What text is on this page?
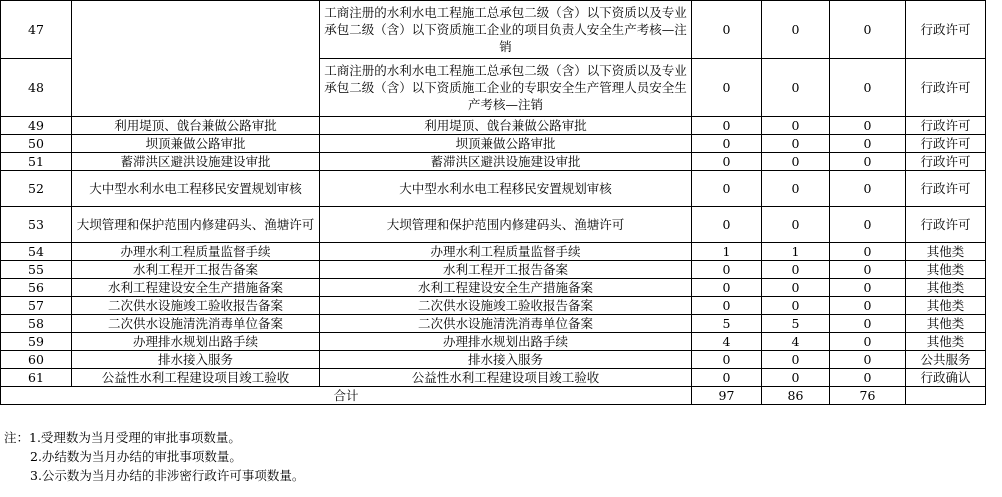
47		工商注册的水利水电工程施工总承包二级（含）以下资质以及专业承包二级（含）以下资质施工企业的项目负责人安全生产考核—注销	0	0	0	行政许可
48		工商注册的水利水电工程施工总承包二级（含）以下资质以及专业承包二级（含）以下资质施工企业的专职安全生产管理人员安全生产考核—注销	0	0	0	行政许可
49	利用堤顶、戗台兼做公路审批	利用堤顶、戗台兼做公路审批	0	0	0	行政许可
50	坝顶兼做公路审批	坝顶兼做公路审批	0	0	0	行政许可
51	蓄滞洪区避洪设施建设审批	蓄滞洪区避洪设施建设审批	0	0	0	行政许可
52	大中型水利水电工程移民安置规划审核	大中型水利水电工程移民安置规划审核	0	0	0	行政许可
53	大坝管理和保护范围内修建码头、渔塘许可	大坝管理和保护范围内修建码头、渔塘许可	0	0	0	行政许可
54	办理水利工程质量监督手续	办理水利工程质量监督手续	1	1	0	其他类
55	水利工程开工报告备案	水利工程开工报告备案	0	0	0	其他类
56	水利工程建设安全生产措施备案	水利工程建设安全生产措施备案	0	0	0	其他类
57	二次供水设施竣工验收报告备案	二次供水设施竣工验收报告备案	0	0	0	其他类
58	二次供水设施清洗消毒单位备案	二次供水设施清洗消毒单位备案	5	5	0	其他类
59	办理排水规划出路手续	办理排水规划出路手续	4	4	0	其他类
60	排水接入服务	排水接入服务	0	0	0	公共服务
61	公益性水利工程建设项目竣工验收	公益性水利工程建设项目竣工验收	0	0	0	行政确认
合计			97	86	76	
注：1.受理数为当月受理的审批事项数量。
2.办结数为当月办结的审批事项数量。
3.公示数为当月办结的非涉密行政许可事项数量。
